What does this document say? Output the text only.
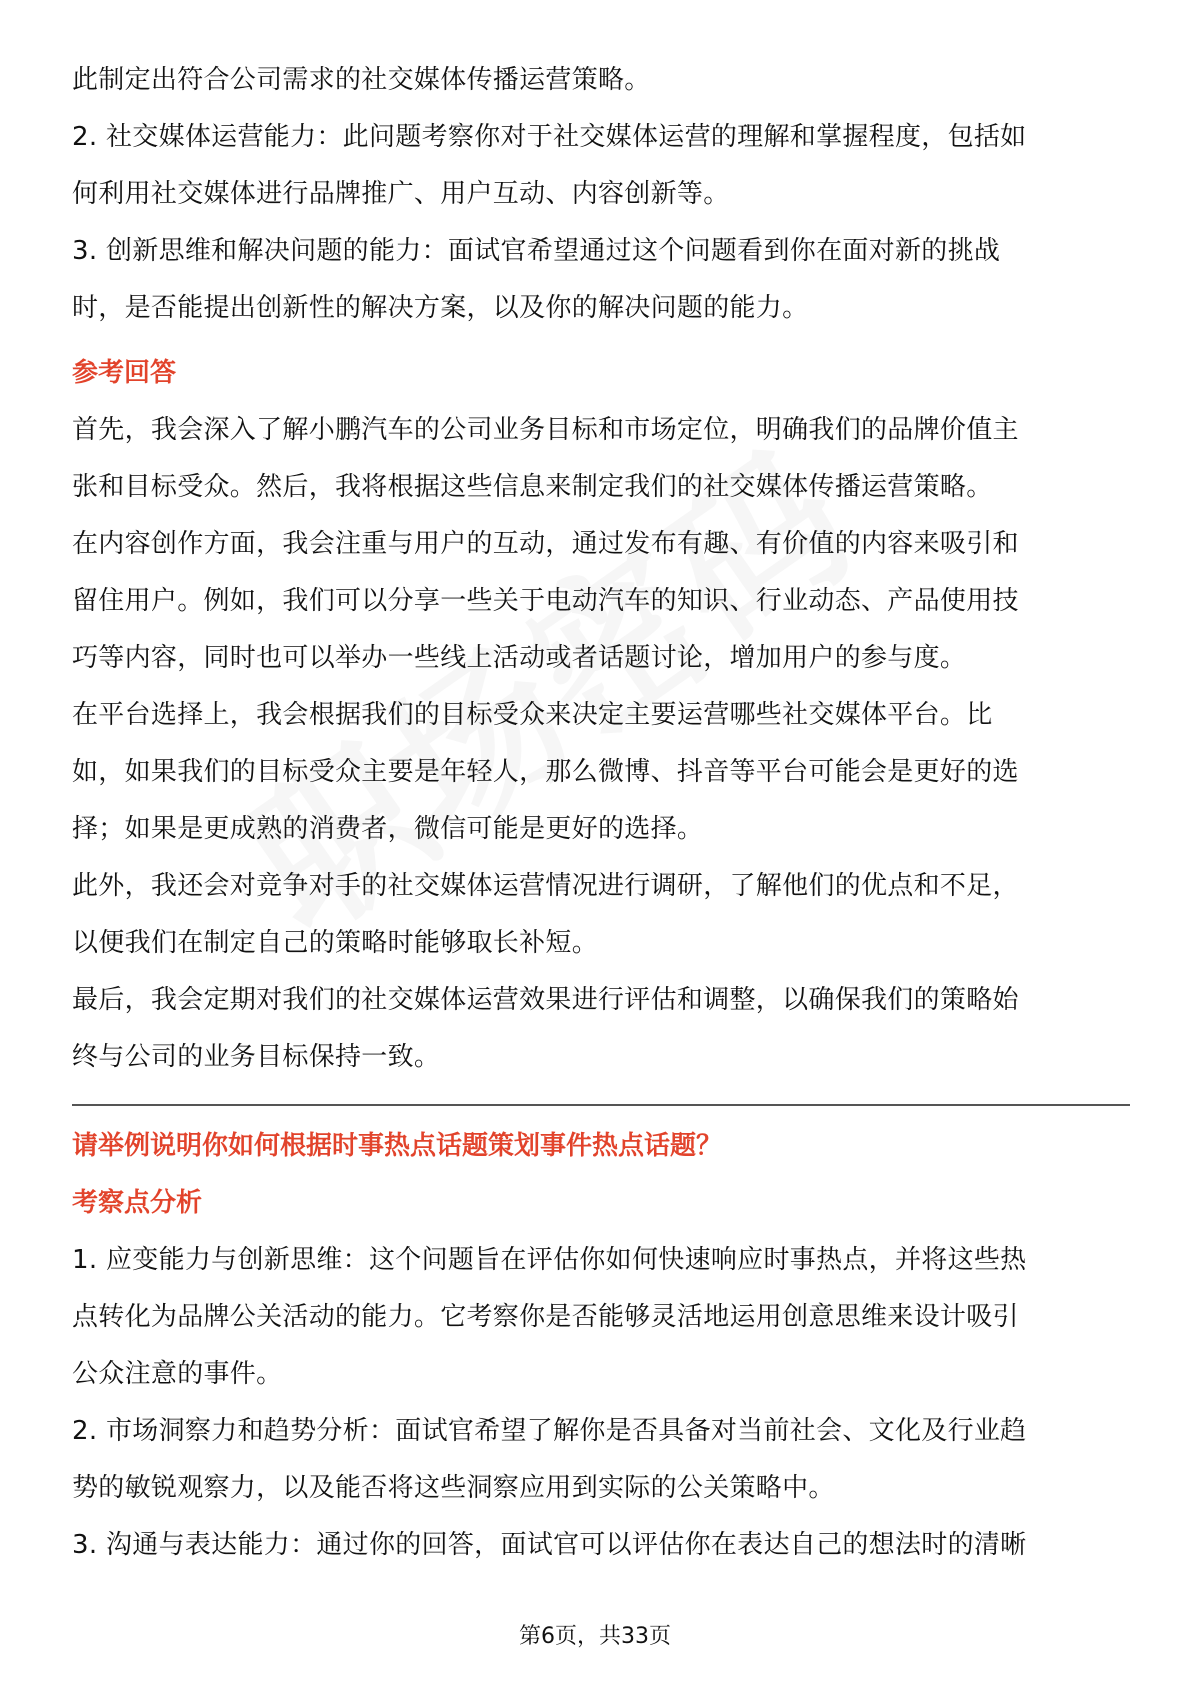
此制定出符合公司需求的社交媒体传播运营策略。
2. 社交媒体运营能力：此问题考察你对于社交媒体运营的理解和掌握程度，包括如
何利用社交媒体进行品牌推广、用户互动、内容创新等。
3. 创新思维和解决问题的能力：面试官希望通过这个问题看到你在面对新的挑战
时，是否能提出创新性的解决方案，以及你的解决问题的能力。
参考回答
首先，我会深入了解小鹏汽车的公司业务目标和市场定位，明确我们的品牌价值主
张和目标受众。然后，我将根据这些信息来制定我们的社交媒体传播运营策略。
在内容创作方面，我会注重与用户的互动，通过发布有趣、有价值的内容来吸引和
留住用户。例如，我们可以分享一些关于电动汽车的知识、行业动态、产品使用技
巧等内容，同时也可以举办一些线上活动或者话题讨论，增加用户的参与度。
在平台选择上，我会根据我们的目标受众来决定主要运营哪些社交媒体平台。比
如，如果我们的目标受众主要是年轻人，那么微博、抖音等平台可能会是更好的选
择；如果是更成熟的消费者，微信可能是更好的选择。
此外，我还会对竞争对手的社交媒体运营情况进行调研，了解他们的优点和不足，
以便我们在制定自己的策略时能够取长补短。
最后，我会定期对我们的社交媒体运营效果进行评估和调整，以确保我们的策略始
终与公司的业务目标保持一致。
请举例说明你如何根据时事热点话题策划事件热点话题？
考察点分析
1. 应变能力与创新思维：这个问题旨在评估你如何快速响应时事热点，并将这些热
点转化为品牌公关活动的能力。它考察你是否能够灵活地运用创意思维来设计吸引
公众注意的事件。
2. 市场洞察力和趋势分析：面试官希望了解你是否具备对当前社会、文化及行业趋
势的敏锐观察力，以及能否将这些洞察应用到实际的公关策略中。
3. 沟通与表达能力：通过你的回答，面试官可以评估你在表达自己的想法时的清晰
第6页，共33页
